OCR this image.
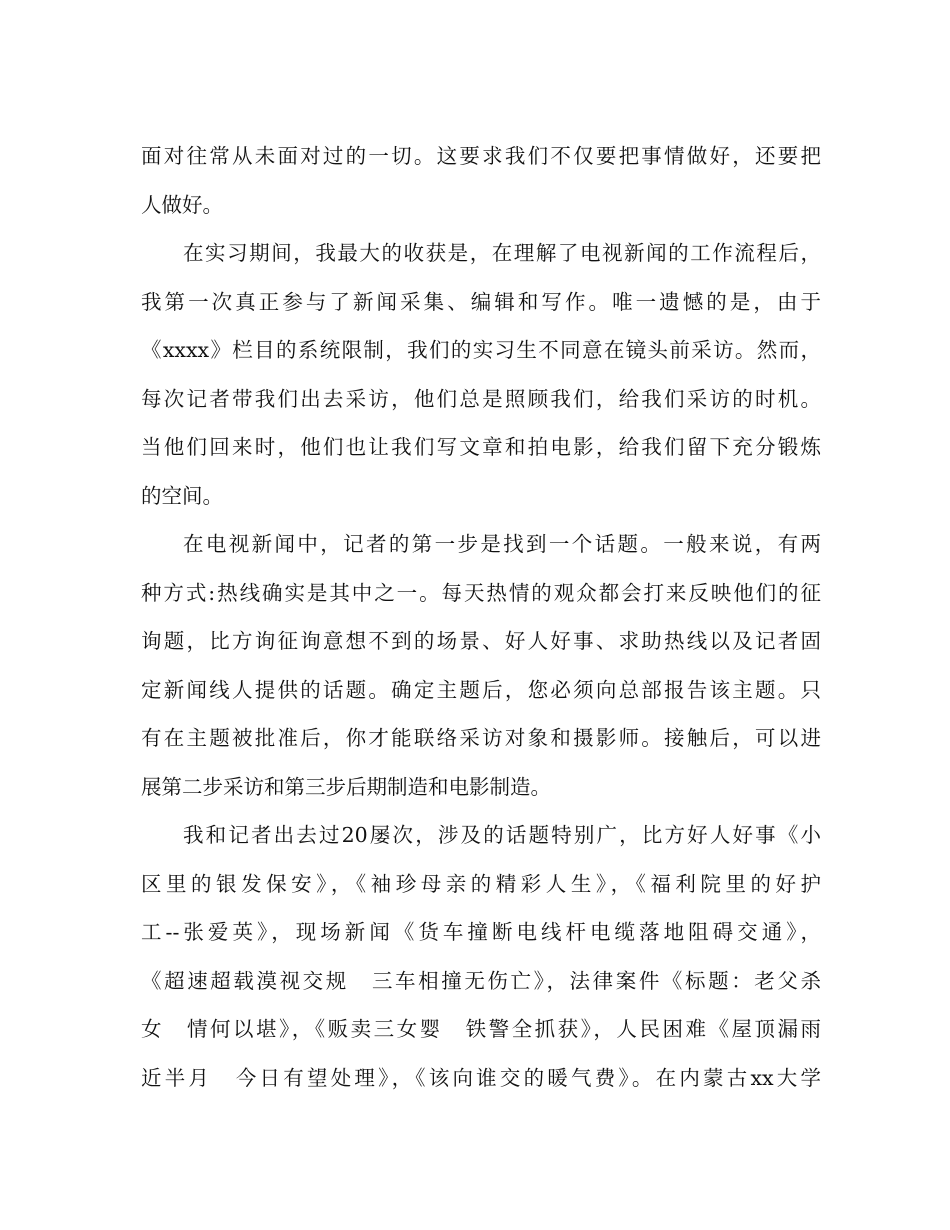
面对往常从未面对过的一切。这要求我们不仅要把事情做好，还要把

人做好。

在实习期间，我最大的收获是，在理解了电视新闻的工作流程后，

我第一次真正参与了新闻采集、编辑和写作。唯一遗憾的是，由于

《xxxx》栏目的系统限制，我们的实习生不同意在镜头前采访。然而，

每次记者带我们出去采访，他们总是照顾我们，给我们采访的时机。

当他们回来时，他们也让我们写文章和拍电影，给我们留下充分锻炼

的空间。

在电视新闻中，记者的第一步是找到一个话题。一般来说，有两

种方式:热线确实是其中之一。每天热情的观众都会打来反映他们的征

询题，比方询征询意想不到的场景、好人好事、求助热线以及记者固

定新闻线人提供的话题。确定主题后，您必须向总部报告该主题。只

有在主题被批准后，你才能联络采访对象和摄影师。接触后，可以进

展第二步采访和第三步后期制造和电影制造。

我和记者出去过20屡次，涉及的话题特别广，比方好人好事《小

区里的银发保安》，《袖珍母亲的精彩人生》，《福利院里的好护

工--张爱英》，现场新闻《货车撞断电线杆电缆落地阻碍交通》，

《超速超载漠视交规　三车相撞无伤亡》，法律案件《标题：老父杀

女　情何以堪》，《贩卖三女婴　铁警全抓获》，人民困难《屋顶漏雨

近半月　今日有望处理》，《该向谁交的暖气费》。在内蒙古xx大学
